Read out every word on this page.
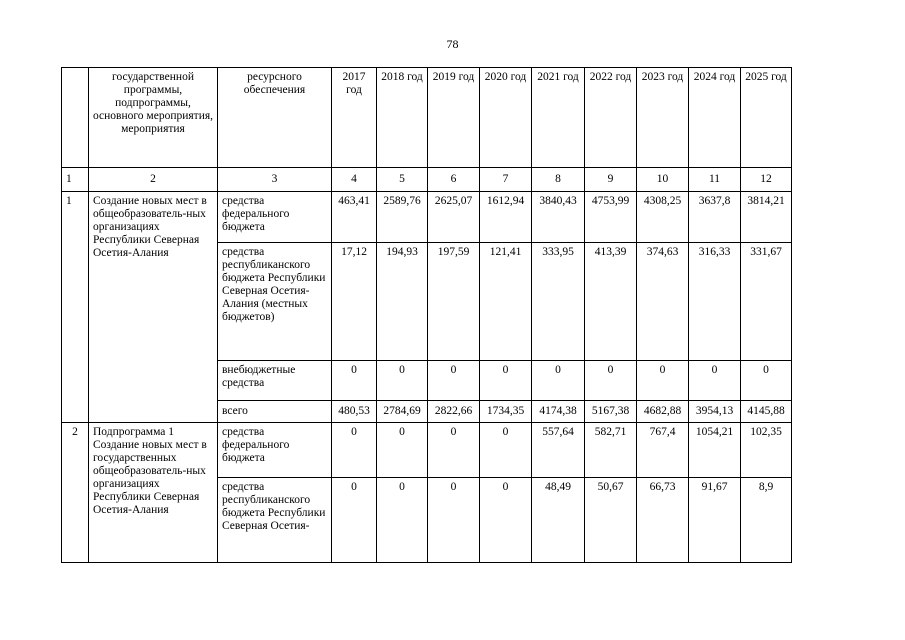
78
	государственной программы, подпрограммы, основного мероприятия, мероприятия	ресурсного обеспечения	2017 год	2018 год	2019 год	2020 год	2021 год	2022 год	2023 год	2024 год	2025 год
1	2	3	4	5	6	7	8	9	10	11	12
1	Создание новых мест в общеобразователь-ных организациях Республики Северная Осетия-Алания	средства федерального бюджета	463,41	2589,76	2625,07	1612,94	3840,43	4753,99	4308,25	3637,8	3814,21
		средства республиканского бюджета Республики Северная Осетия-Алания (местных бюджетов)	17,12	194,93	197,59	121,41	333,95	413,39	374,63	316,33	331,67
		внебюджетные средства	0	0	0	0	0	0	0	0	0
		всего	480,53	2784,69	2822,66	1734,35	4174,38	5167,38	4682,88	3954,13	4145,88
2	Подпрограмма 1 Создание новых мест в государственных общеобразователь-ных организациях Республики Северная Осетия-Алания	средства федерального бюджета	0	0	0	0	557,64	582,71	767,4	1054,21	102,35
		средства республиканского бюджета Республики Северная Осетия-	0	0	0	0	48,49	50,67	66,73	91,67	8,9
